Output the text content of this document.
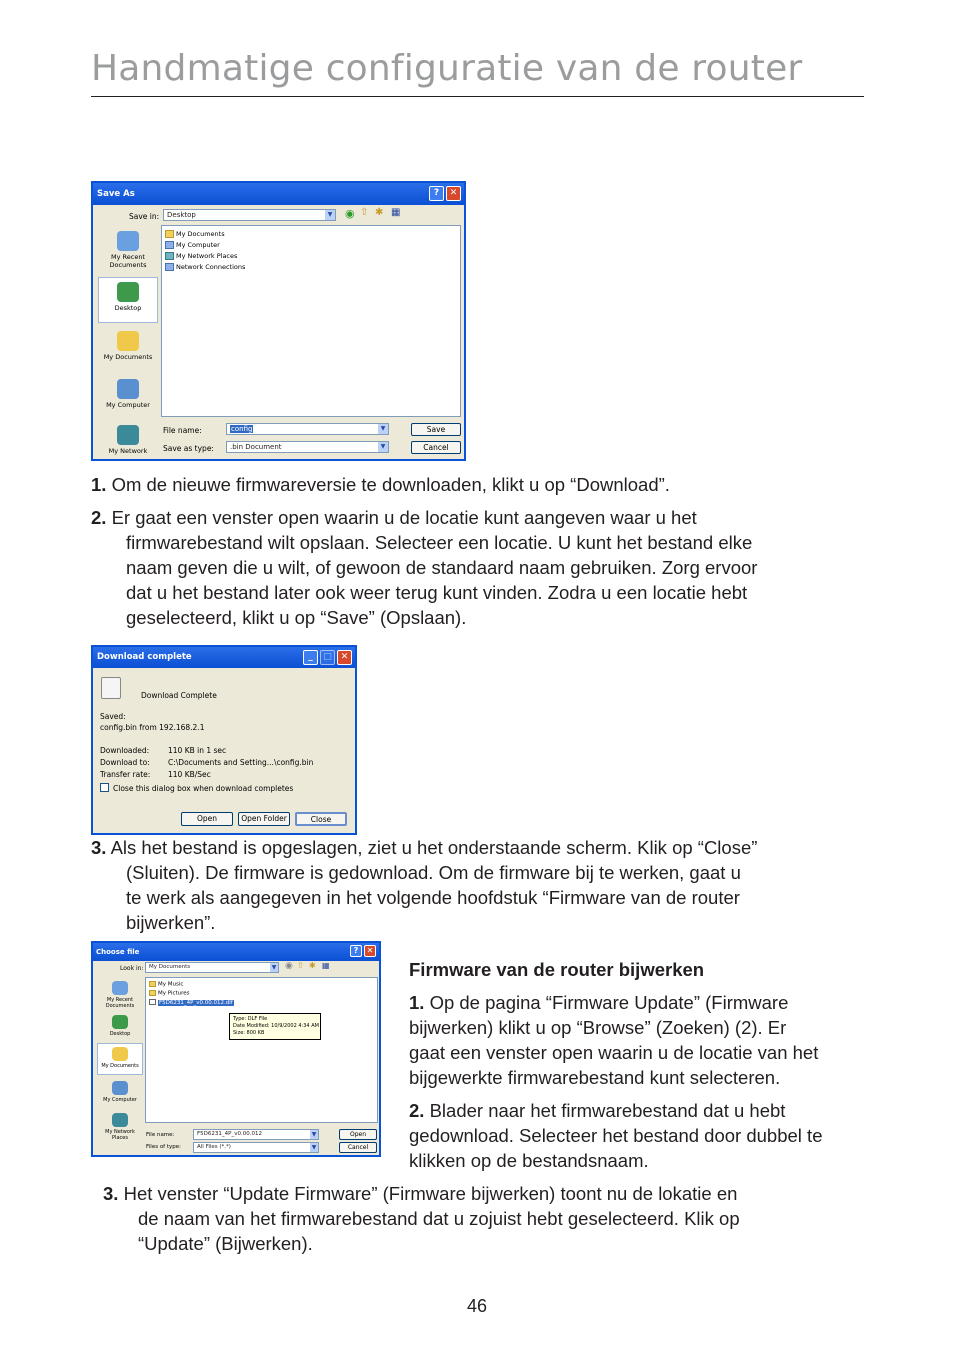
Handmatige configuratie van de router
Save As	?	✕
Save in:	Desktop	▼ ◉ ⇧ ✱ ▦
My Recent Documents
Desktop
My Documents
My Computer
My Network
My Documents
My Computer
My Network Places
Network Connections
File name:	config	▼
Save as type:	.bin Document	▼
Save
Cancel
1. Om de nieuwe firmwareversie te downloaden, klikt u op “Download”.
2. Er gaat een venster open waarin u de locatie kunt aangeven waar u het
firmwarebestand wilt opslaan. Selecteer een locatie. U kunt het bestand elke
naam geven die u wilt, of gewoon de standaard naam gebruiken. Zorg ervoor
dat u het bestand later ook weer terug kunt vinden. Zodra u een locatie hebt
geselecteerd, klikt u op “Save” (Opslaan).
Download complete	_	□ ✕
Download Complete
Saved:
config.bin from 192.168.2.1
Downloaded:	110 KB in 1 sec
Download to: C:\Documents and Setting...\config.bin
Transfer rate: 110 KB/Sec
Close this dialog box when download completes
Open	Open Folder	Close
3. Als het bestand is opgeslagen, ziet u het onderstaande scherm. Klik op “Close”
(Sluiten). De firmware is gedownload. Om de firmware bij te werken, gaat u
te werk als aangegeven in het volgende hoofdstuk “Firmware van de router
bijwerken”.
Choose file	?	✕
Look in:	My Documents	▼ ◉ ⇧ ✱ ▦
My Recent Documents
Desktop
My Documents
My Computer
My Network Places
My Music
My Pictures
F5D6231_4P_v0.00.012.dlf
Type: DLF File
Date Modified: 10/9/2002 4:34 AM
Size: 800 KB
File name:	F5D6231_4P_v0.00.012	▼
Files of type:	All Files (*.*)	▼
Open
Cancel
Firmware van de router bijwerken
1. Op de pagina “Firmware Update” (Firmware
bijwerken) klikt u op “Browse” (Zoeken) (2). Er
gaat een venster open waarin u de locatie van het
bijgewerkte firmwarebestand kunt selecteren.
2. Blader naar het firmwarebestand dat u hebt
gedownload. Selecteer het bestand door dubbel te
klikken op de bestandsnaam.
3. Het venster “Update Firmware” (Firmware bijwerken) toont nu de lokatie en
de naam van het firmwarebestand dat u zojuist hebt geselecteerd. Klik op
“Update” (Bijwerken).
46
